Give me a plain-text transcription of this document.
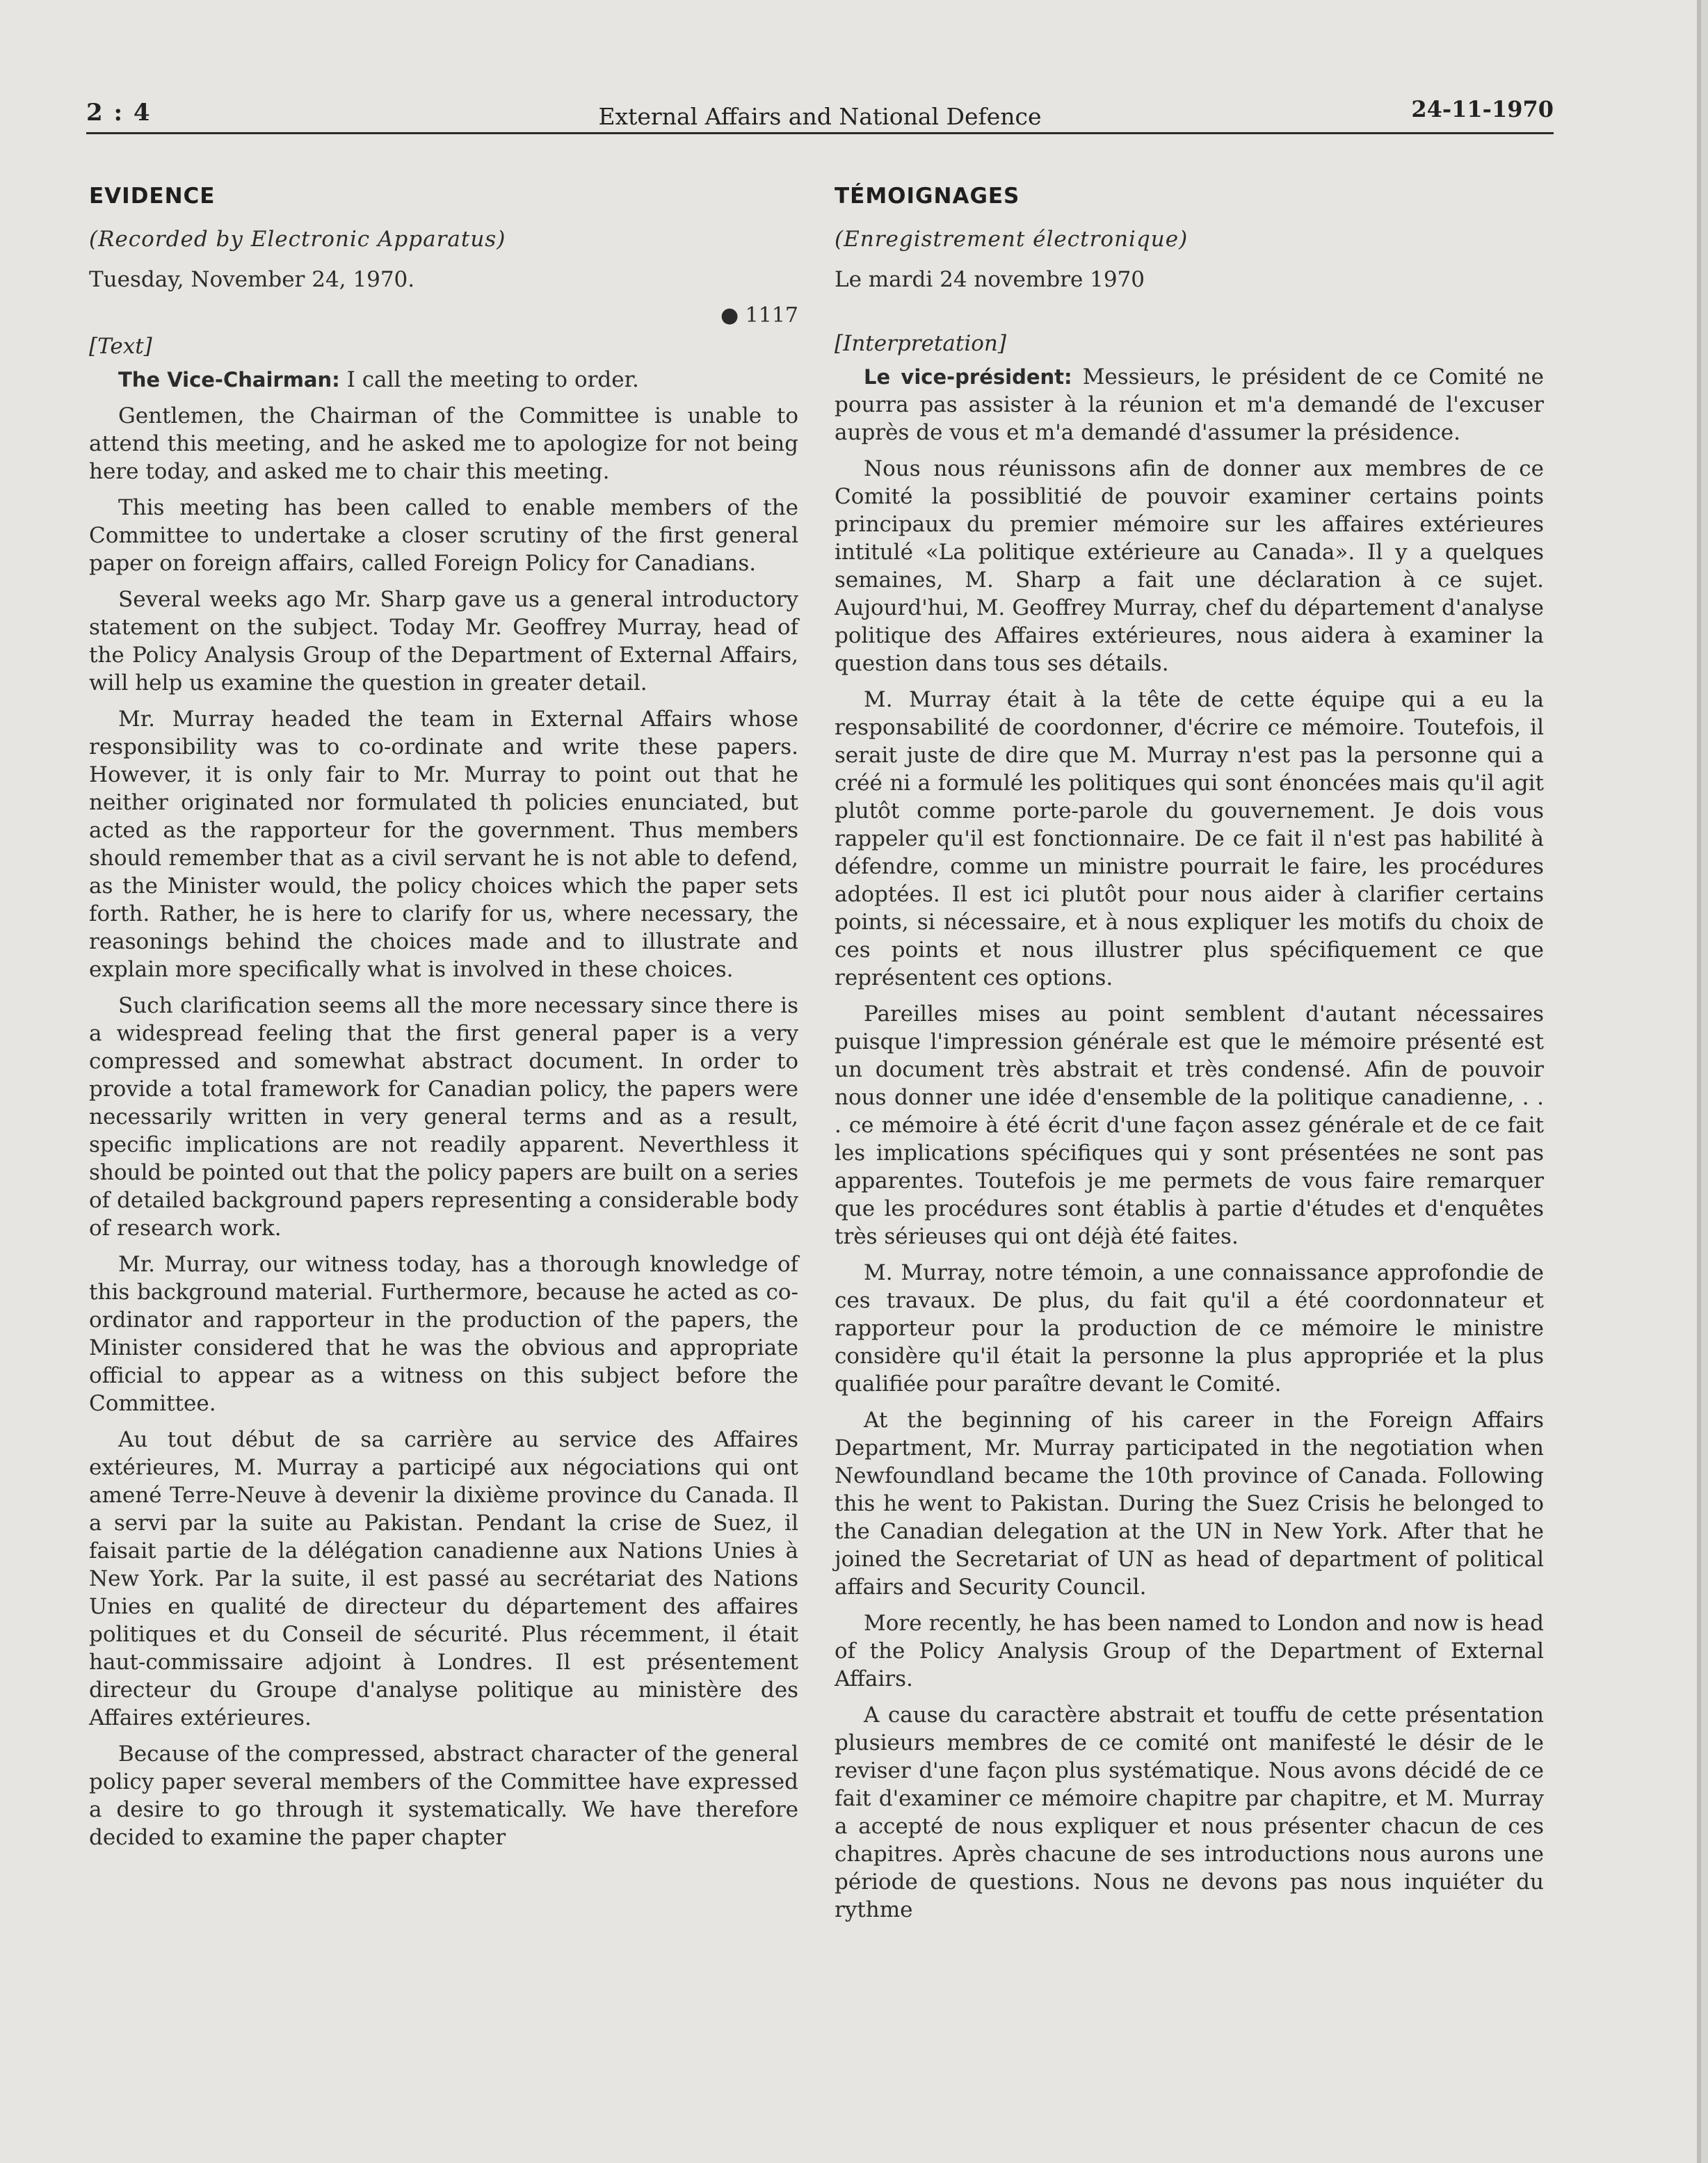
2 : 4	External Affairs and National Defence	24-11-1970
EVIDENCE
(Recorded by Electronic Apparatus)
Tuesday, November 24, 1970.
● 1117
[Text]

The Vice-Chairman: I call the meeting to order.

Gentlemen, the Chairman of the Committee is unable to attend this meeting, and he asked me to apologize for not being here today, and asked me to chair this meeting.

This meeting has been called to enable members of the Committee to undertake a closer scrutiny of the first general paper on foreign affairs, called Foreign Policy for Canadians.

Several weeks ago Mr. Sharp gave us a general introductory statement on the subject. Today Mr. Geoffrey Murray, head of the Policy Analysis Group of the Department of External Affairs, will help us examine the question in greater detail.

Mr. Murray headed the team in External Affairs whose responsibility was to co-ordinate and write these papers. However, it is only fair to Mr. Murray to point out that he neither originated nor formulated th policies enunciated, but acted as the rapporteur for the government. Thus members should remember that as a civil servant he is not able to defend, as the Minister would, the policy choices which the paper sets forth. Rather, he is here to clarify for us, where necessary, the reasonings behind the choices made and to illustrate and explain more specifically what is involved in these choices.

Such clarification seems all the more necessary since there is a widespread feeling that the first general paper is a very compressed and somewhat abstract document. In order to provide a total framework for Canadian policy, the papers were necessarily written in very general terms and as a result, specific implications are not readily apparent. Neverthless it should be pointed out that the policy papers are built on a series of detailed background papers representing a considerable body of research work.

Mr. Murray, our witness today, has a thorough knowledge of this background material. Furthermore, because he acted as co-ordinator and rapporteur in the production of the papers, the Minister considered that he was the obvious and appropriate official to appear as a witness on this subject before the Committee.

Au tout début de sa carrière au service des Affaires extérieures, M. Murray a participé aux négociations qui ont amené Terre-Neuve à devenir la dixième province du Canada. Il a servi par la suite au Pakistan. Pendant la crise de Suez, il faisait partie de la délégation canadienne aux Nations Unies à New York. Par la suite, il est passé au secrétariat des Nations Unies en qualité de directeur du département des affaires politiques et du Conseil de sécurité. Plus récemment, il était haut-commissaire adjoint à Londres. Il est présentement directeur du Groupe d'analyse politique au ministère des Affaires extérieures.

Because of the compressed, abstract character of the general policy paper several members of the Committee have expressed a desire to go through it systematically. We have therefore decided to examine the paper chapter

TÉMOIGNAGES
(Enregistrement électronique)
Le mardi 24 novembre 1970
[Interpretation]

Le vice-président: Messieurs, le président de ce Comité ne pourra pas assister à la réunion et m'a demandé de l'excuser auprès de vous et m'a demandé d'assumer la présidence.

Nous nous réunissons afin de donner aux membres de ce Comité la possiblitié de pouvoir examiner certains points principaux du premier mémoire sur les affaires extérieures intitulé «La politique extérieure au Canada». Il y a quelques semaines, M. Sharp a fait une déclaration à ce sujet. Aujourd'hui, M. Geoffrey Murray, chef du département d'analyse politique des Affaires extérieures, nous aidera à examiner la question dans tous ses détails.

M. Murray était à la tête de cette équipe qui a eu la responsabilité de coordonner, d'écrire ce mémoire. Toutefois, il serait juste de dire que M. Murray n'est pas la personne qui a créé ni a formulé les politiques qui sont énoncées mais qu'il agit plutôt comme porte-parole du gouvernement. Je dois vous rappeler qu'il est fonctionnaire. De ce fait il n'est pas habilité à défendre, comme un ministre pourrait le faire, les procédures adoptées. Il est ici plutôt pour nous aider à clarifier certains points, si nécessaire, et à nous expliquer les motifs du choix de ces points et nous illustrer plus spécifiquement ce que représentent ces options.

Pareilles mises au point semblent d'autant nécessaires puisque l'impression générale est que le mémoire présenté est un document très abstrait et très condensé. Afin de pouvoir nous donner une idée d'ensemble de la politique canadienne, . . . ce mémoire à été écrit d'une façon assez générale et de ce fait les implications spécifiques qui y sont présentées ne sont pas apparentes. Toutefois je me permets de vous faire remarquer que les procédures sont établis à partie d'études et d'enquêtes très sérieuses qui ont déjà été faites.

M. Murray, notre témoin, a une connaissance approfondie de ces travaux. De plus, du fait qu'il a été coordonnateur et rapporteur pour la production de ce mémoire le ministre considère qu'il était la personne la plus appropriée et la plus qualifiée pour paraître devant le Comité.

At the beginning of his career in the Foreign Affairs Department, Mr. Murray participated in the negotiation when Newfoundland became the 10th province of Canada. Following this he went to Pakistan. During the Suez Crisis he belonged to the Canadian delegation at the UN in New York. After that he joined the Secretariat of UN as head of department of political affairs and Security Council.

More recently, he has been named to London and now is head of the Policy Analysis Group of the Department of External Affairs.

A cause du caractère abstrait et touffu de cette présentation plusieurs membres de ce comité ont manifesté le désir de le reviser d'une façon plus systématique. Nous avons décidé de ce fait d'examiner ce mémoire chapitre par chapitre, et M. Murray a accepté de nous expliquer et nous présenter chacun de ces chapitres. Après chacune de ses introductions nous aurons une période de questions. Nous ne devons pas nous inquiéter du rythme
